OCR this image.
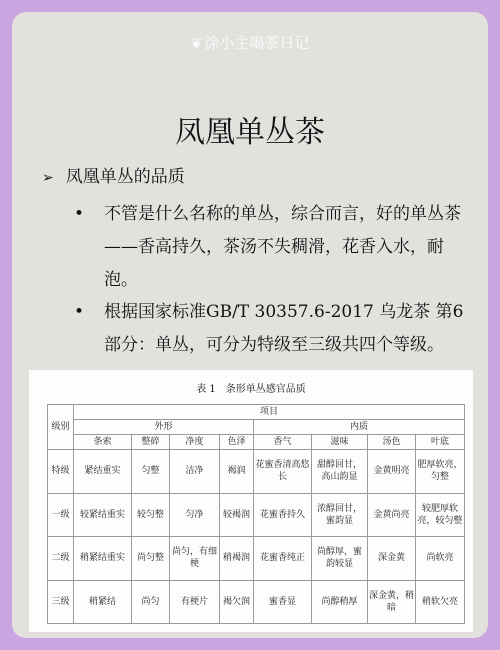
❦ 涂小主喝茶日记
凤凰单丛茶
➢ 凤凰单丛的品质
• 不管是什么名称的单丛，综合而言，好的单丛茶——香高持久，茶汤不失稠滑，花香入水，耐泡。
• 根据国家标准GB/T 30357.6-2017 乌龙茶 第6部分：单丛，可分为特级至三级共四个等级。
表 1　条形单丛感官品质
级别	项目							
	外形				内质			
	条索	整碎	净度	色泽	香气	滋味	汤色	叶底
特级	紧结重实	匀整	洁净	褐润	花蜜香清高悠长	甜醇回甘，高山韵显	金黄明亮	肥厚软亮，匀整
一级	较紧结重实	较匀整	匀净	较褐润	花蜜香持久	浓醇回甘，蜜韵显	金黄尚亮	较肥厚软亮，较匀整
二级	稍紧结重实	尚匀整	尚匀，有细梗	稍褐润	花蜜香纯正	尚醇厚，蜜韵较显	深金黄	尚软亮
三级	稍紧结	尚匀	有梗片	褐欠润	蜜香显	尚醇稍厚	深金黄，稍暗	稍软欠亮
